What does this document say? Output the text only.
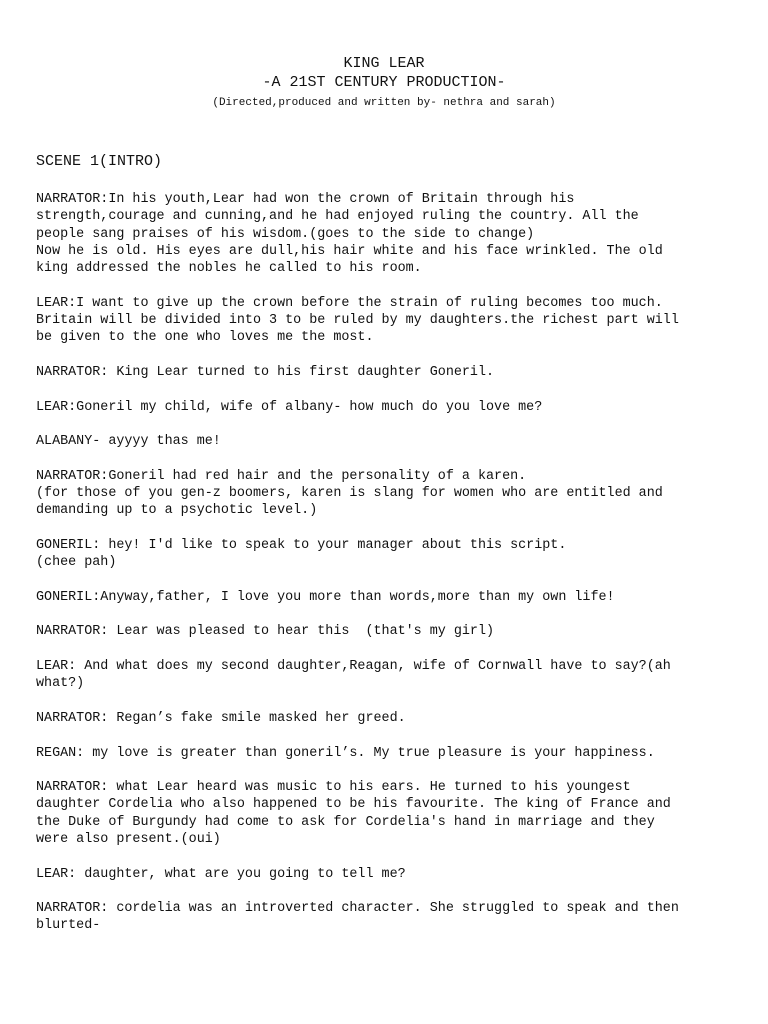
KING LEAR

-A 21ST CENTURY PRODUCTION-

(Directed,produced and written by- nethra and sarah)

SCENE 1(INTRO)

NARRATOR:In his youth,Lear had won the crown of Britain through his
strength,courage and cunning,and he had enjoyed ruling the country. All the
people sang praises of his wisdom.(goes to the side to change)
Now he is old. His eyes are dull,his hair white and his face wrinkled. The old
king addressed the nobles he called to his room.

LEAR:I want to give up the crown before the strain of ruling becomes too much.
Britain will be divided into 3 to be ruled by my daughters.the richest part will
be given to the one who loves me the most.

NARRATOR: King Lear turned to his first daughter Goneril.

LEAR:Goneril my child, wife of albany- how much do you love me?

ALABANY- ayyyy thas me!

NARRATOR:Goneril had red hair and the personality of a karen.
(for those of you gen-z boomers, karen is slang for women who are entitled and
demanding up to a psychotic level.)

GONERIL: hey! I'd like to speak to your manager about this script.
(chee pah)

GONERIL:Anyway,father, I love you more than words,more than my own life!

NARRATOR: Lear was pleased to hear this  (that's my girl)

LEAR: And what does my second daughter,Reagan, wife of Cornwall have to say?(ah
what?)

NARRATOR: Regan’s fake smile masked her greed.

REGAN: my love is greater than goneril’s. My true pleasure is your happiness.

NARRATOR: what Lear heard was music to his ears. He turned to his youngest
daughter Cordelia who also happened to be his favourite. The king of France and
the Duke of Burgundy had come to ask for Cordelia's hand in marriage and they
were also present.(oui)

LEAR: daughter, what are you going to tell me?

NARRATOR: cordelia was an introverted character. She struggled to speak and then
blurted-
